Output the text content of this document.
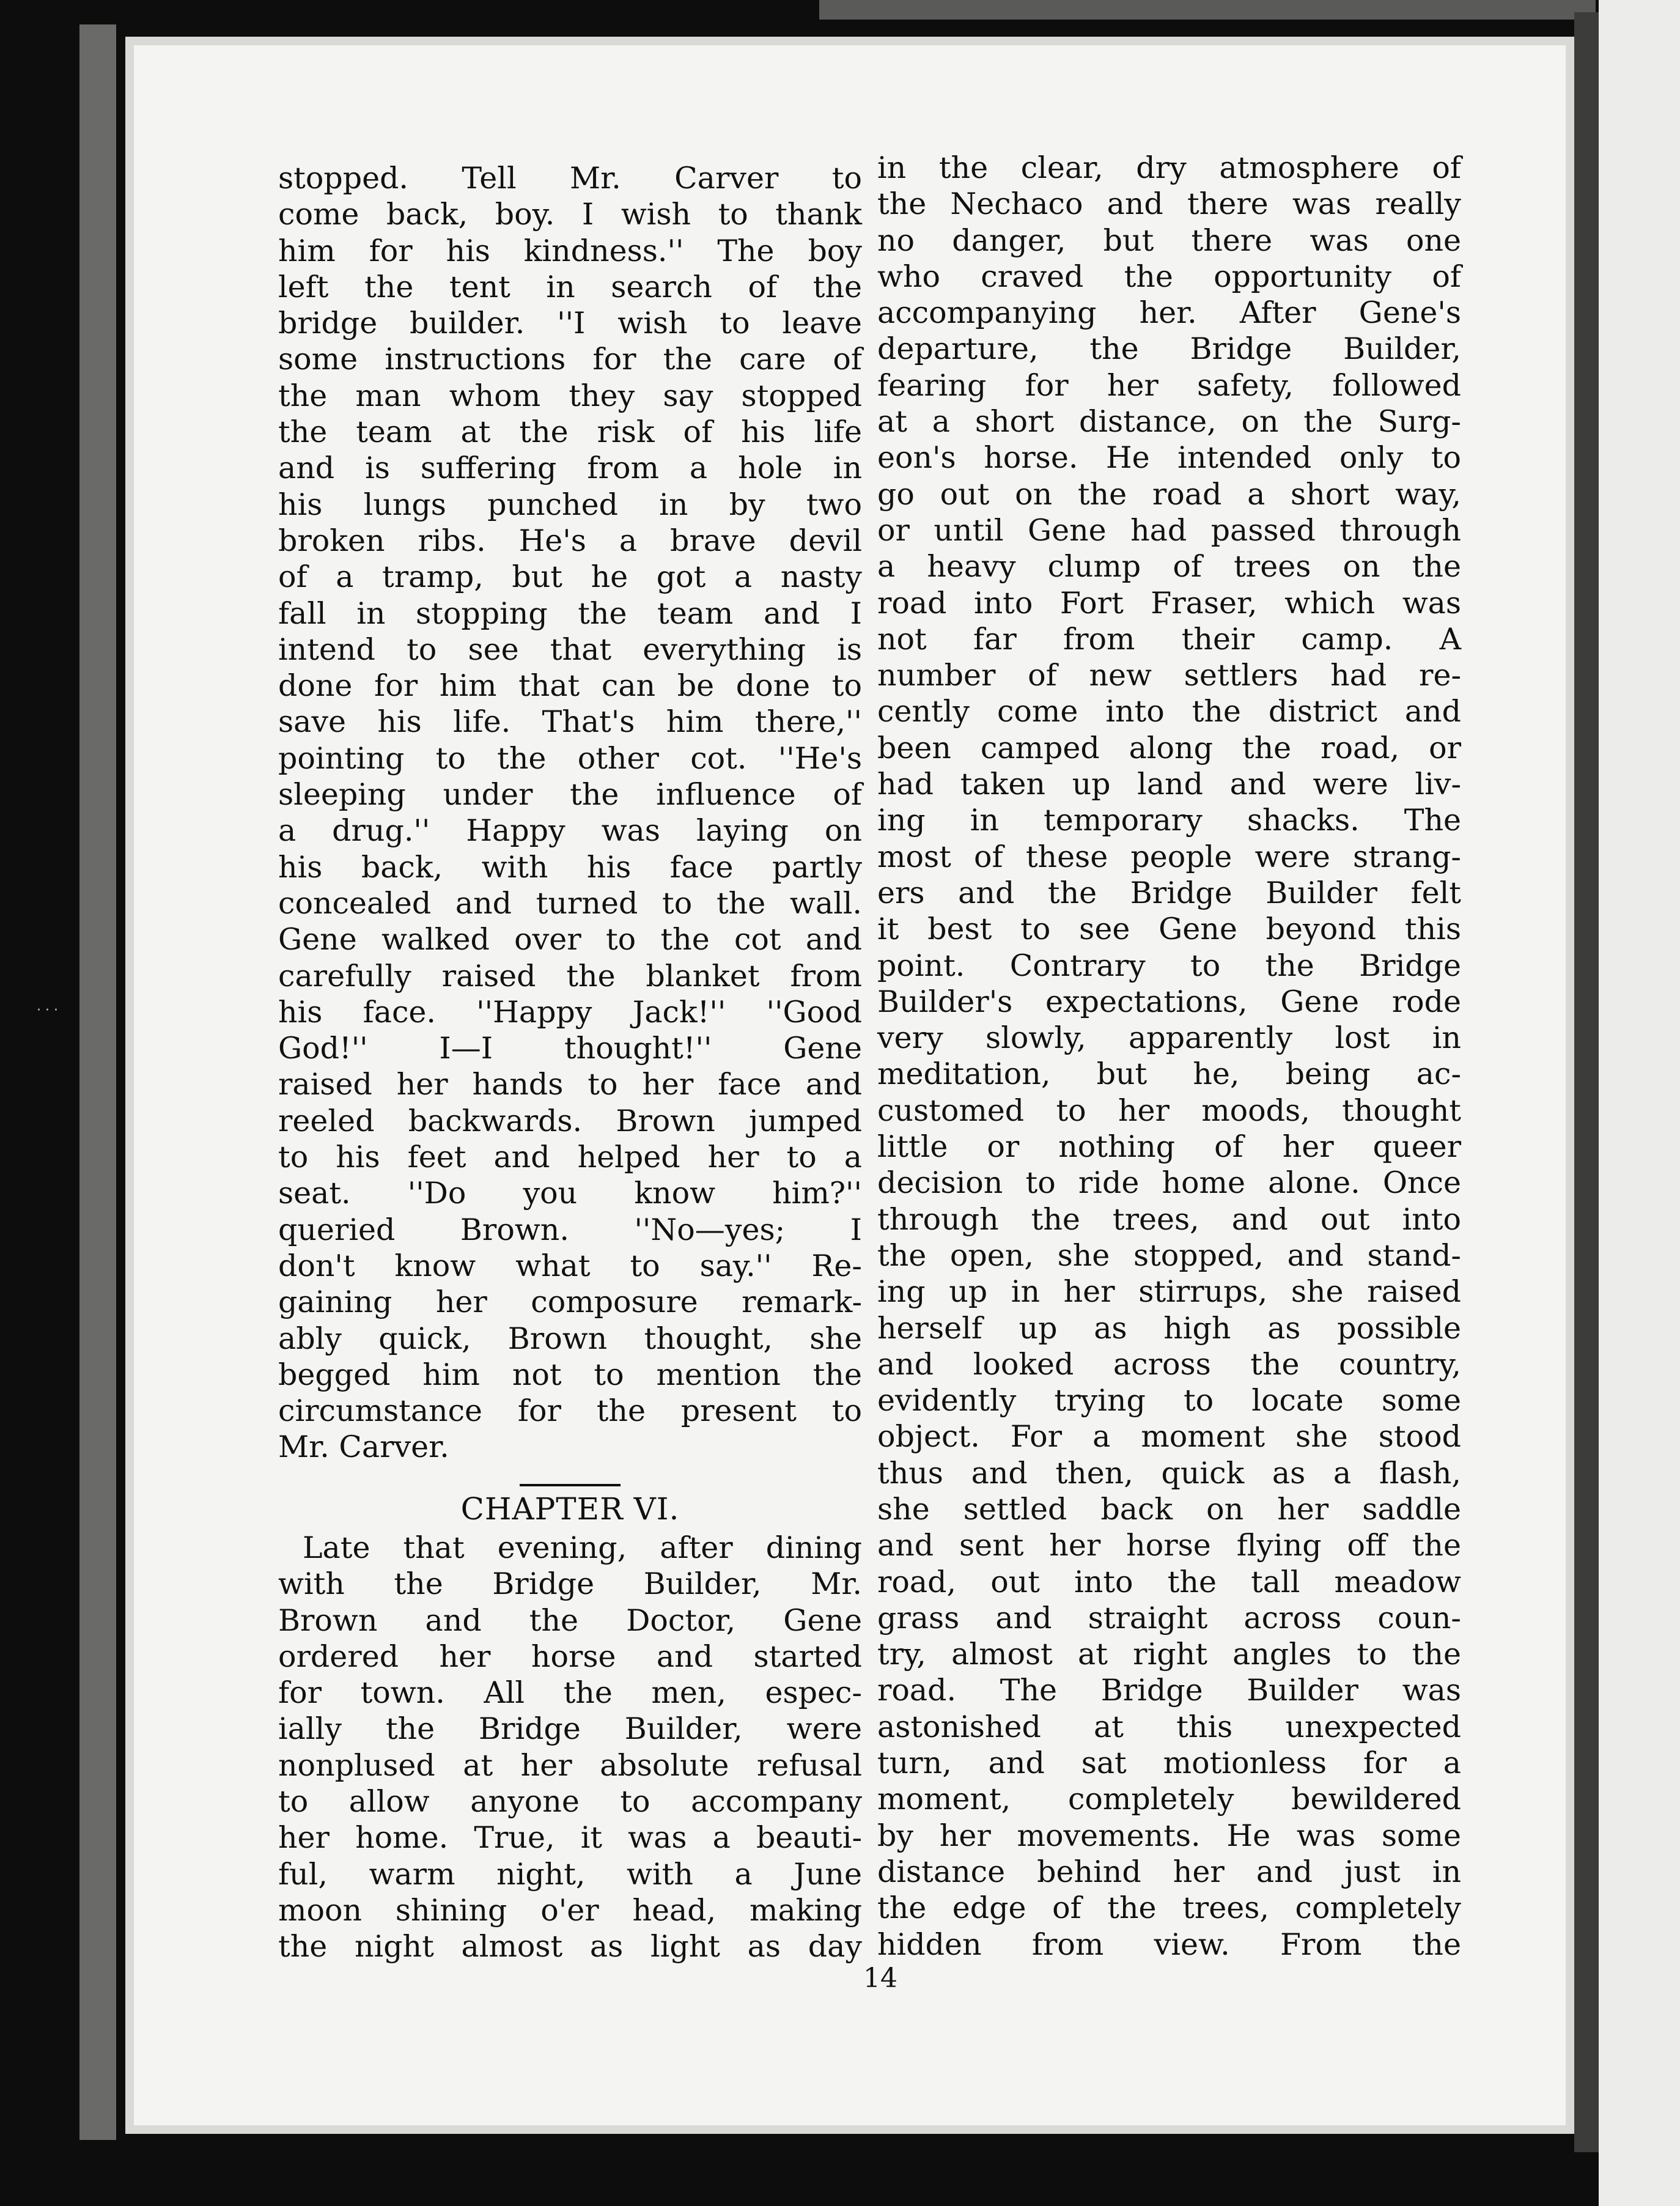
· · ·
stopped. Tell Mr. Carver to
come back, boy. I wish to thank
him for his kindness.'' The boy
left the tent in search of the
bridge builder. ''I wish to leave
some instructions for the care of
the man whom they say stopped
the team at the risk of his life
and is suffering from a hole in
his lungs punched in by two
broken ribs. He's a brave devil
of a tramp, but he got a nasty
fall in stopping the team and I
intend to see that everything is
done for him that can be done to
save his life. That's him there,''
pointing to the other cot. ''He's
sleeping under the influence of
a drug.'' Happy was laying on
his back, with his face partly
concealed and turned to the wall.
Gene walked over to the cot and
carefully raised the blanket from
his face. ''Happy Jack!'' ''Good
God!'' I—I thought!'' Gene
raised her hands to her face and
reeled backwards. Brown jumped
to his feet and helped her to a
seat. ''Do you know him?''
queried Brown. ''No—yes; I
don't know what to say.'' Re-
gaining her composure remark-
ably quick, Brown thought, she
begged him not to mention the
circumstance for the present to
Mr. Carver.
CHAPTER VI.
Late that evening, after dining
with the Bridge Builder, Mr.
Brown and the Doctor, Gene
ordered her horse and started
for town. All the men, espec-
ially the Bridge Builder, were
nonplused at her absolute refusal
to allow anyone to accompany
her home. True, it was a beauti-
ful, warm night, with a June
moon shining o'er head, making
the night almost as light as day
in the clear, dry atmosphere of
the Nechaco and there was really
no danger, but there was one
who craved the opportunity of
accompanying her. After Gene's
departure, the Bridge Builder,
fearing for her safety, followed
at a short distance, on the Surg-
eon's horse. He intended only to
go out on the road a short way,
or until Gene had passed through
a heavy clump of trees on the
road into Fort Fraser, which was
not far from their camp. A
number of new settlers had re-
cently come into the district and
been camped along the road, or
had taken up land and were liv-
ing in temporary shacks. The
most of these people were strang-
ers and the Bridge Builder felt
it best to see Gene beyond this
point. Contrary to the Bridge
Builder's expectations, Gene rode
very slowly, apparently lost in
meditation, but he, being ac-
customed to her moods, thought
little or nothing of her queer
decision to ride home alone. Once
through the trees, and out into
the open, she stopped, and stand-
ing up in her stirrups, she raised
herself up as high as possible
and looked across the country,
evidently trying to locate some
object. For a moment she stood
thus and then, quick as a flash,
she settled back on her saddle
and sent her horse flying off the
road, out into the tall meadow
grass and straight across coun-
try, almost at right angles to the
road. The Bridge Builder was
astonished at this unexpected
turn, and sat motionless for a
moment, completely bewildered
by her movements. He was some
distance behind her and just in
the edge of the trees, completely
hidden from view. From the
14
